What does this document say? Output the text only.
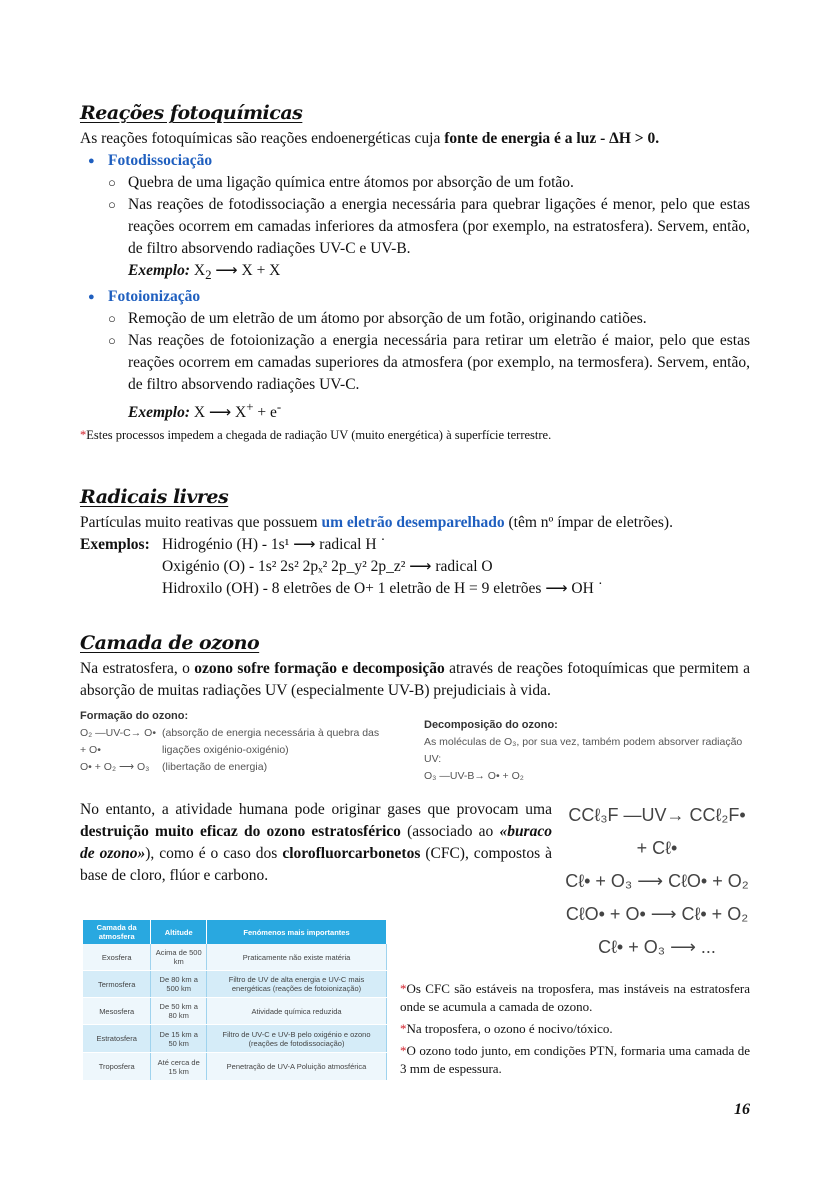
Reações fotoquímicas
As reações fotoquímicas são reações endoenergéticas cuja fonte de energia é a luz - ΔH > 0.
● Fotodissociação
○ Quebra de uma ligação química entre átomos por absorção de um fotão.
○ Nas reações de fotodissociação a energia necessária para quebrar ligações é menor, pelo que estas reações ocorrem em camadas inferiores da atmosfera (por exemplo, na estratosfera). Servem, então, de filtro absorvendo radiações UV-C e UV-B.
Exemplo: $X_2$ ⟶ X + X
● Fotoionização
○ Remoção de um eletrão de um átomo por absorção de um fotão, originando catiões.
○ Nas reações de fotoionização a energia necessária para retirar um eletrão é maior, pelo que estas reações ocorrem em camadas superiores da atmosfera (por exemplo, na termosfera). Servem, então, de filtro absorvendo radiações UV-C.
Exemplo: X ⟶ X+ + e-
*Estes processos impedem a chegada de radiação UV (muito energética) à superfície terrestre.
Radicais livres
Partículas muito reativas que possuem um eletrão desemparelhado (têm nº ímpar de eletrões).
Exemplos: Hidrogénio (H) - 1s¹ ⟶ radical H ˙
Oxigénio (O) - 1s² 2s² 2pₓ² 2p_y² 2p_z² ⟶ radical O
Hidroxilo (OH) - 8 eletrões de O+ 1 eletrão de H = 9 eletrões ⟶ OH ˙
Camada de ozono
Na estratosfera, o ozono sofre formação e decomposição através de reações fotoquímicas que permitem a absorção de muitas radiações UV (especialmente UV-B) prejudiciais à vida.
Formação do ozono:
O₂ —UV-C→ O• + O•
(absorção de energia necessária à quebra das ligações oxigénio-oxigénio)
O• + O₂ ⟶ O₃	(libertação de energia)
Decomposição do ozono:
As moléculas de O₃, por sua vez, também podem absorver radiação UV:
O₃ —UV-B→ O• + O₂
No entanto, a atividade humana pode originar gases que provocam uma destruição muito eficaz do ozono estratosférico (associado ao «buraco de ozono»), como é o caso dos clorofluorcarbonetos (CFC), compostos à base de cloro, flúor e carbono.
CCℓ₃F —UV→ CCℓ₂F• + Cℓ•
Cℓ• + O₃ ⟶ CℓO• + O₂
CℓO• + O• ⟶ Cℓ• + O₂
Cℓ• + O₃ ⟶ ...
Camada da atmosfera	Altitude	Fenómenos mais importantes
Exosfera	Acima de 500 km	Praticamente não existe matéria
Termosfera	De 80 km a 500 km	Filtro de UV de alta energia e UV-C mais energéticas (reações de fotoionização)
Mesosfera	De 50 km a 80 km	Atividade química reduzida
Estratosfera	De 15 km a 50 km	Filtro de UV-C e UV-B pelo oxigénio e ozono (reações de fotodissociação)
Troposfera	Até cerca de 15 km	Penetração de UV-A Poluição atmosférica
*Os CFC são estáveis na troposfera, mas instáveis na estratosfera onde se acumula a camada de ozono.
*Na troposfera, o ozono é nocivo/tóxico.
*O ozono todo junto, em condições PTN, formaria uma camada de 3 mm de espessura.
16
